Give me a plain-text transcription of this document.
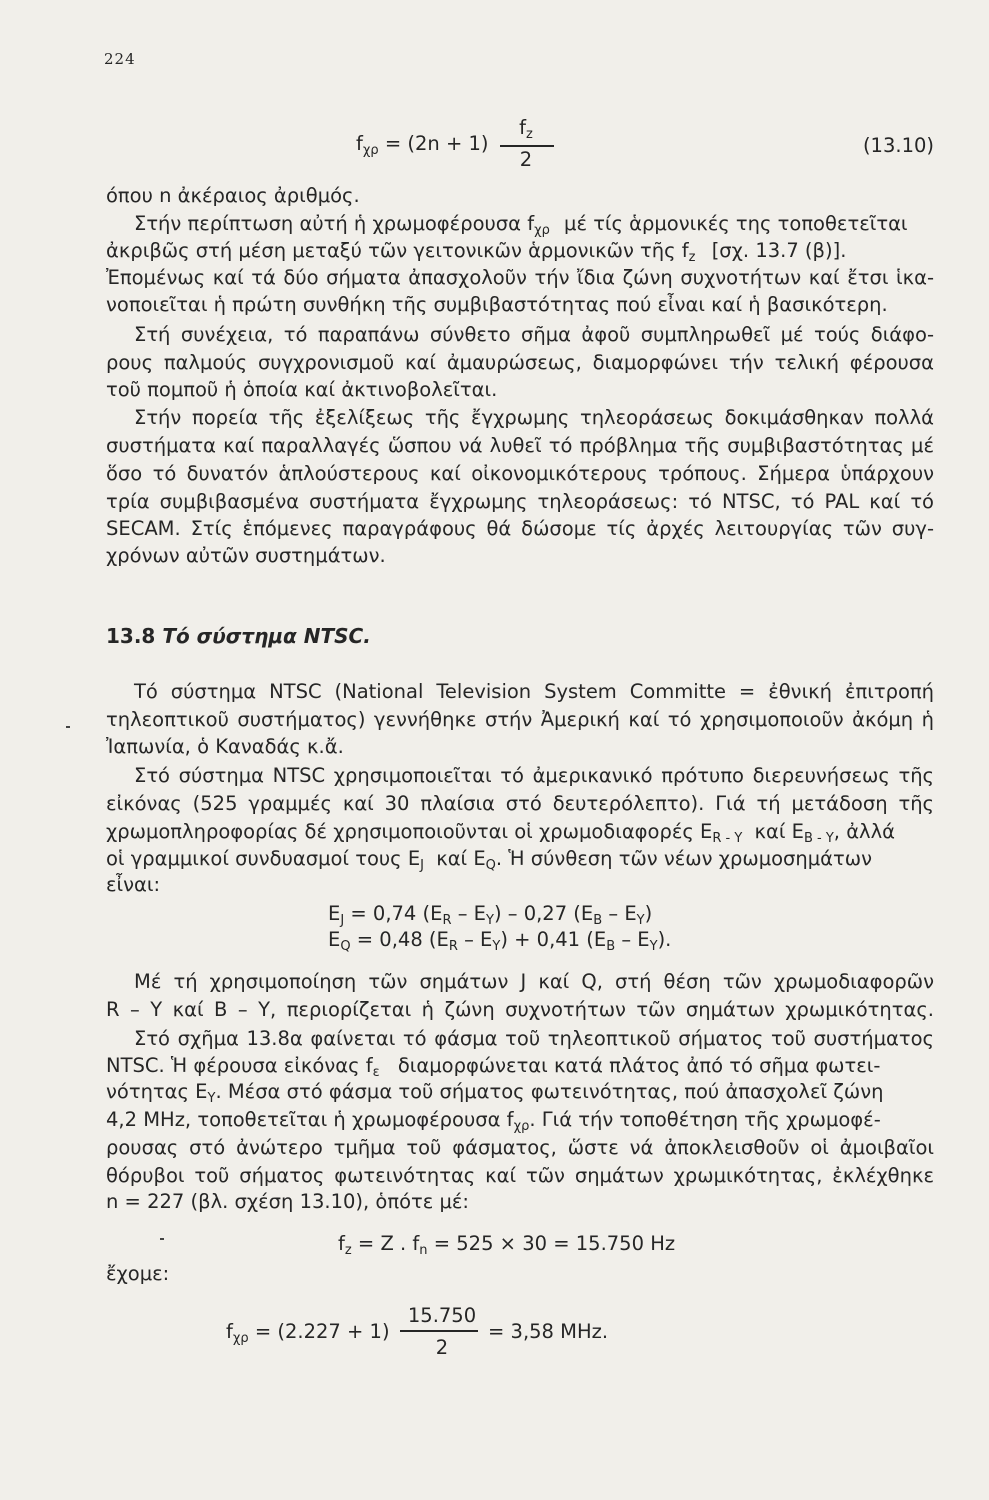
224
$f_{\chi\rho} = (2n + 1)$
$f_z$
2
(13.10)
όπου n ἀκέραιος ἀριθμός.
Στήν περίπτωση αὐτή ἡ χρωμοφέρουσα $f_{\chi\rho}$ μέ τίς ἁρμονικές της τοποθετεῖται
ἀκριβῶς στή μέση μεταξύ τῶν γειτονικῶν ἁρμονικῶν τῆς $f_z$ [σχ. 13.7 (β)].
Ἐπομένως καί τά δύο σήματα ἀπασχολοῦν τήν ἴδια ζώνη συχνοτήτων καί ἔτσι ἱκα-
νοποιεῖται ἡ πρώτη συνθήκη τῆς συμβιβαστότητας πού εἶναι καί ἡ βασικότερη.
Στή συνέχεια, τό παραπάνω σύνθετο σῆμα ἀφοῦ συμπληρωθεῖ μέ τούς διάφο-
ρους παλμούς συγχρονισμοῦ καί ἀμαυρώσεως, διαμορφώνει τήν τελική φέρουσα
τοῦ πομποῦ ἡ ὁποία καί ἀκτινοβολεῖται.
Στήν πορεία τῆς ἐξελίξεως τῆς ἔγχρωμης τηλεοράσεως δοκιμάσθηκαν πολλά
συστήματα καί παραλλαγές ὥσπου νά λυθεῖ τό πρόβλημα τῆς συμβιβαστότητας μέ
ὅσο τό δυνατόν ἁπλούστερους καί οἰκονομικότερους τρόπους. Σήμερα ὑπάρχουν
τρία συμβιβασμένα συστήματα ἔγχρωμης τηλεοράσεως: τό NTSC, τό PAL καί τό
SECAM. Στίς ἑπόμενες παραγράφους θά δώσομε τίς ἀρχές λειτουργίας τῶν συγ-
χρόνων αὐτῶν συστημάτων.
13.8 Τό σύστημα NTSC.
Τό σύστημα NTSC (National Television System Committe = ἐθνική ἐπιτροπή
τηλεοπτικοῦ συστήματος) γεννήθηκε στήν Ἀμερική καί τό χρησιμοποιοῦν ἀκόμη ἡ
Ἰαπωνία, ὁ Καναδάς κ.ἄ.
Στό σύστημα NTSC χρησιμοποιεῖται τό ἀμερικανικό πρότυπο διερευνήσεως τῆς
εἰκόνας (525 γραμμές καί 30 πλαίσια στό δευτερόλεπτο). Γιά τή μετάδοση τῆς
χρωμοπληροφορίας δέ χρησιμοποιοῦνται οἱ χρωμοδιαφορές $E_{R - Y}$ καί $E_{B - Y}$, ἀλλά
οἱ γραμμικοί συνδυασμοί τους $E_J$ καί $E_Q$. Ἡ σύνθεση τῶν νέων χρωμοσημάτων
εἶναι:
$E_J = 0,74$ $(E_R - E_Y) - 0,27$ $(E_B - E_Y)$
$E_Q = 0,48$ $(E_R - E_Y) + 0,41$ $(E_B - E_Y)$.
Μέ τή χρησιμοποίηση τῶν σημάτων J καί Q, στή θέση τῶν χρωμοδιαφορῶν
R – Y καί B – Y, περιορίζεται ἡ ζώνη συχνοτήτων τῶν σημάτων χρωμικότητας.
Στό σχῆμα 13.8α φαίνεται τό φάσμα τοῦ τηλεοπτικοῦ σήματος τοῦ συστήματος
NTSC. Ἡ φέρουσα εἰκόνας $f_\varepsilon$ διαμορφώνεται κατά πλάτος ἀπό τό σῆμα φωτει-
νότητας $E_Y$. Μέσα στό φάσμα τοῦ σήματος φωτεινότητας, πού ἀπασχολεῖ ζώνη
4,2 MHz, τοποθετεῖται ἡ χρωμοφέρουσα $f_{\chi\rho}$. Γιά τήν τοποθέτηση τῆς χρωμοφέ-
ρουσας στό ἀνώτερο τμῆμα τοῦ φάσματος, ὥστε νά ἀποκλεισθοῦν οἱ ἀμοιβαῖοι
θόρυβοι τοῦ σήματος φωτεινότητας καί τῶν σημάτων χρωμικότητας, ἐκλέχθηκε
n = 227 (βλ. σχέση 13.10), ὁπότε μέ:
$f_z = Z$ . $f_n = 525 \times 30 = 15.750$ Hz
ἔχομε:
$f_{\chi\rho} = (2.227 + 1)$
15.750
2
= 3,58 MHz.
